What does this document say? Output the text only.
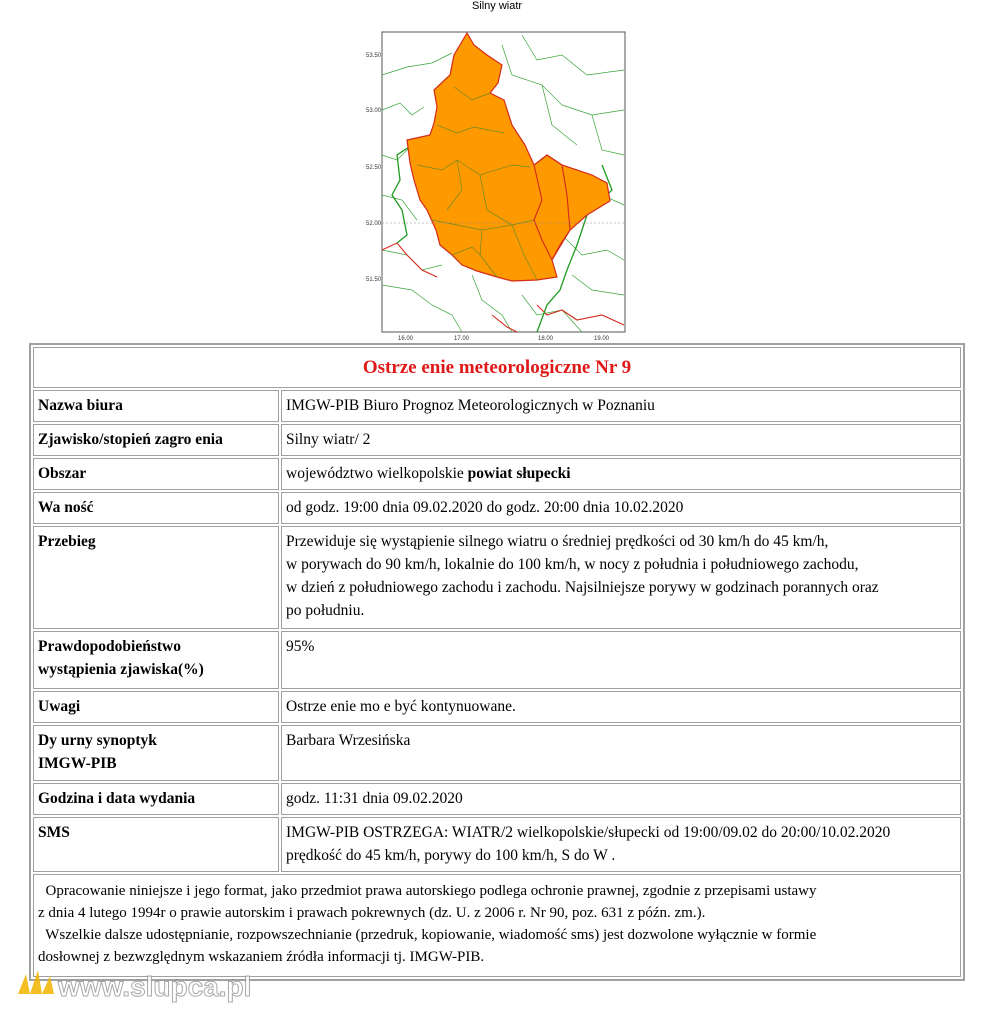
Silny wiatr
53.50
53.00
52.50
52.00
51.50
16.00	17.00	18.00	19.00
Ostrze enie meteorologiczne Nr 9	
Nazwa biura	IMGW-PIB Biuro Prognoz Meteorologicznych w Poznaniu
Zjawisko/stopień zagro enia	Silny wiatr/ 2
Obszar	województwo wielkopolskie powiat słupecki
Wa ność	od godz. 19:00 dnia 09.02.2020 do godz. 20:00 dnia 10.02.2020
Przebieg	Przewiduje się wystąpienie silnego wiatru o średniej prędkości od 30 km/h do 45 km/h,
w porywach do 90 km/h, lokalnie do 100 km/h, w nocy z południa i południowego zachodu,
w dzień z południowego zachodu i zachodu. Najsilniejsze porywy w godzinach porannych oraz
po południu.

Prawdopodobieństwo
wystąpienia zjawiska(%)	95%
Uwagi	Ostrze enie mo e być kontynuowane.

Dy urny synoptyk
IMGW-PIB	Barbara Wrzesińska
Godzina i data wydania	godz. 11:31 dnia 09.02.2020
SMS	IMGW-PIB OSTRZEGA: WIATR/2 wielkopolskie/słupecki od 19:00/09.02 do 20:00/10.02.2020
prędkość do 45 km/h, porywy do 100 km/h, S do W .

Opracowanie niniejsze i jego format, jako przedmiot prawa autorskiego podlega ochronie prawnej, zgodnie z przepisami ustawy
z dnia 4 lutego 1994r o prawie autorskim i prawach pokrewnych (dz. U. z 2006 r. Nr 90, poz. 631 z późn. zm.).
Wszelkie dalsze udostępnianie, rozpowszechnianie (przedruk, kopiowanie, wiadomość sms) jest dozwolone wyłącznie w formie
dosłownej z bezwzględnym wskazaniem źródła informacji tj. IMGW-PIB.	
www.slupca.pl
